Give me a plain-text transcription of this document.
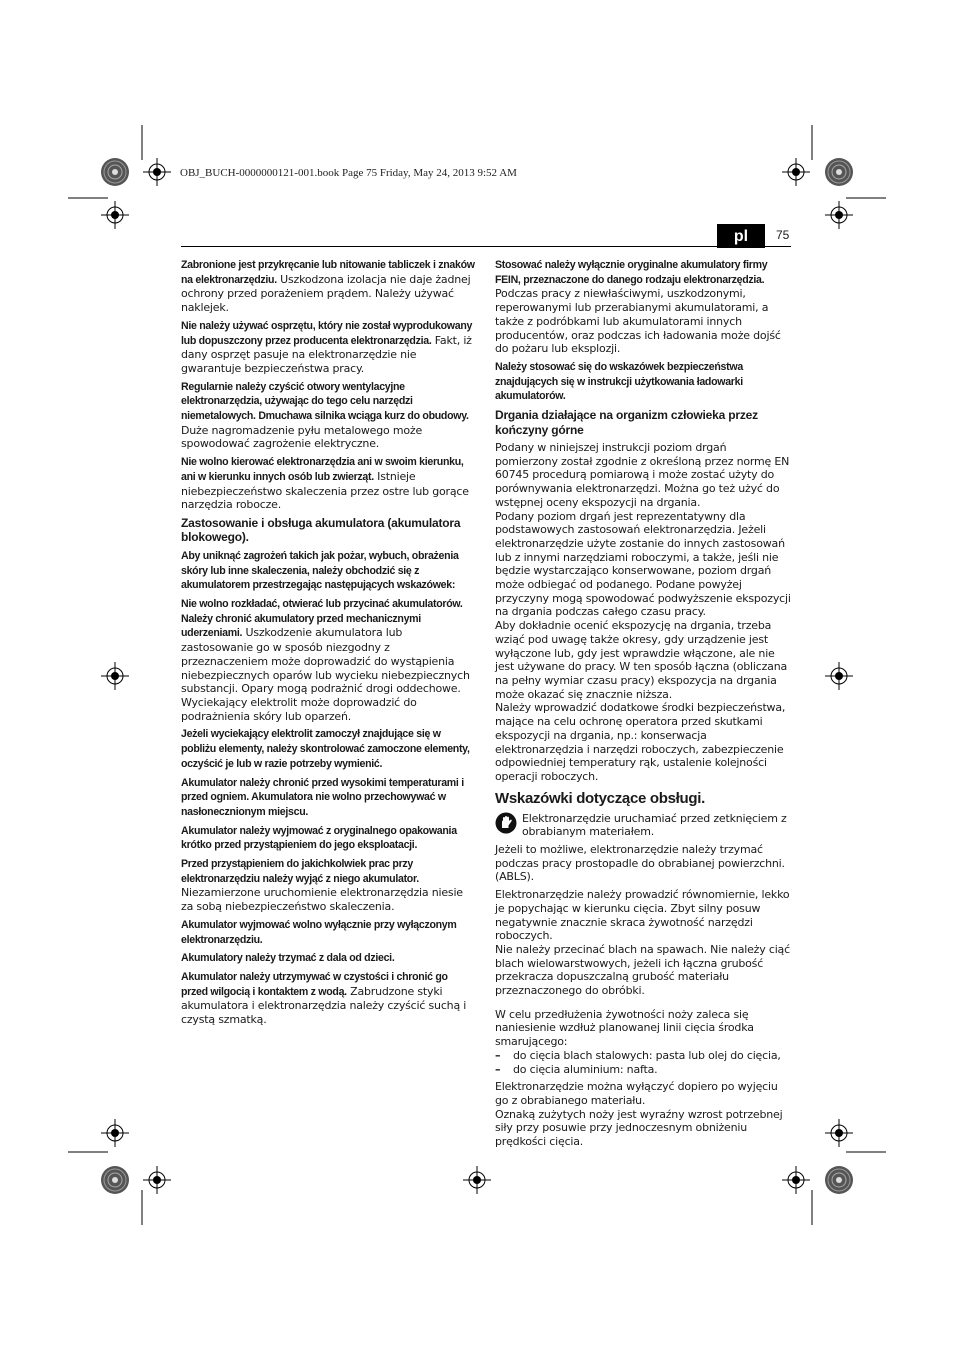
OBJ_BUCH-0000000121-001.book Page 75 Friday, May 24, 2013 9:52 AM
pl	75

Zabronione jest przykręcanie lub nitowanie tabliczek i znaków na elektronarzędziu. Uszkodzona izolacja nie daje żadnej ochrony przed porażeniem prądem. Należy używać naklejek.

Nie należy używać osprzętu, który nie został wyprodukowany lub dopuszczony przez producenta elektronarzędzia. Fakt, iż dany osprzęt pasuje na elektronarzędzie nie gwarantuje bezpieczeństwa pracy.

Regularnie należy czyścić otwory wentylacyjne elektronarzędzia, używając do tego celu narzędzi niemetalowych. Dmuchawa silnika wciąga kurz do obudowy. Duże nagromadzenie pyłu metalowego może spowodować zagrożenie elektryczne.

Nie wolno kierować elektronarzędzia ani w swoim kierunku, ani w kierunku innych osób lub zwierząt. Istnieje niebezpieczeństwo skaleczenia przez ostre lub gorące narzędzia robocze.

Zastosowanie i obsługa akumulatora (akumulatora blokowego).

Aby uniknąć zagrożeń takich jak pożar, wybuch, obrażenia skóry lub inne skaleczenia, należy obchodzić się z akumulatorem przestrzegając następujących wskazówek:

Nie wolno rozkładać, otwierać lub przycinać akumulatorów. Należy chronić akumulatory przed mechanicznymi uderzeniami. Uszkodzenie akumulatora lub zastosowanie go w sposób niezgodny z przeznaczeniem może doprowadzić do wystąpienia niebezpiecznych oparów lub wycieku niebezpiecznych substancji. Opary mogą podrażnić drogi oddechowe. Wyciekający elektrolit może doprowadzić do podrażnienia skóry lub oparzeń.

Jeżeli wyciekający elektrolit zamoczył znajdujące się w pobliżu elementy, należy skontrolować zamoczone elementy, oczyścić je lub w razie potrzeby wymienić.

Akumulator należy chronić przed wysokimi temperaturami i przed ogniem. Akumulatora nie wolno przechowywać w nasłonecznionym miejscu.

Akumulator należy wyjmować z oryginalnego opakowania krótko przed przystąpieniem do jego eksploatacji.

Przed przystąpieniem do jakichkolwiek prac przy elektronarzędziu należy wyjąć z niego akumulator. Niezamierzone uruchomienie elektronarzędzia niesie za sobą niebezpieczeństwo skaleczenia.

Akumulator wyjmować wolno wyłącznie przy wyłączonym elektronarzędziu.

Akumulatory należy trzymać z dala od dzieci.

Akumulator należy utrzymywać w czystości i chronić go przed wilgocią i kontaktem z wodą. Zabrudzone styki akumulatora i elektronarzędzia należy czyścić suchą i czystą szmatką.

Stosować należy wyłącznie oryginalne akumulatory firmy FEIN, przeznaczone do danego rodzaju elektronarzędzia. Podczas pracy z niewłaściwymi, uszkodzonymi, reperowanymi lub przerabianymi akumulatorami, a także z podróbkami lub akumulatorami innych producentów, oraz podczas ich ładowania może dojść do pożaru lub eksplozji.

Należy stosować się do wskazówek bezpieczeństwa znajdujących się w instrukcji użytkowania ładowarki akumulatorów.

Drgania działające na organizm człowieka przez kończyny górne

Podany w niniejszej instrukcji poziom drgań pomierzony został zgodnie z określoną przez normę EN 60745 procedurą pomiarową i może zostać użyty do porównywania elektronarzędzi. Można go też użyć do wstępnej oceny ekspozycji na drgania.

Podany poziom drgań jest reprezentatywny dla podstawowych zastosowań elektronarzędzia. Jeżeli elektronarzędzie użyte zostanie do innych zastosowań lub z innymi narzędziami roboczymi, a także, jeśli nie będzie wystarczająco konserwowane, poziom drgań może odbiegać od podanego. Podane powyżej przyczyny mogą spowodować podwyższenie ekspozycji na drgania podczas całego czasu pracy.

Aby dokładnie ocenić ekspozycję na drgania, trzeba wziąć pod uwagę także okresy, gdy urządzenie jest wyłączone lub, gdy jest wprawdzie włączone, ale nie jest używane do pracy. W ten sposób łączna (obliczana na pełny wymiar czasu pracy) ekspozycja na drgania może okazać się znacznie niższa.

Należy wprowadzić dodatkowe środki bezpieczeństwa, mające na celu ochronę operatora przed skutkami ekspozycji na drgania, np.: konserwacja elektronarzędzia i narzędzi roboczych, zabezpieczenie odpowiedniej temperatury rąk, ustalenie kolejności operacji roboczych.

Wskazówki dotyczące obsługi.
Elektronarzędzie uruchamiać przed zetknięciem z obrabianym materiałem.

Jeżeli to możliwe, elektronarzędzie należy trzymać podczas pracy prostopadle do obrabianej powierzchni. (ABLS).

Elektronarzędzie należy prowadzić równomiernie, lekko je popychając w kierunku cięcia. Zbyt silny posuw negatywnie znacznie skraca żywotność narzędzi roboczych.

Nie należy przecinać blach na spawach. Nie należy ciąć blach wielowarstwowych, jeżeli ich łączna grubość przekracza dopuszczalną grubość materiału przeznaczonego do obróbki.

W celu przedłużenia żywotności noży zaleca się naniesienie wzdłuż planowanej linii cięcia środka smarującego:

–	do cięcia blach stalowych: pasta lub olej do cięcia,
–	do cięcia aluminium: nafta.

Elektronarzędzie można wyłączyć dopiero po wyjęciu go z obrabianego materiału.

Oznaką zużytych noży jest wyraźny wzrost potrzebnej siły przy posuwie przy jednoczesnym obniżeniu prędkości cięcia.
